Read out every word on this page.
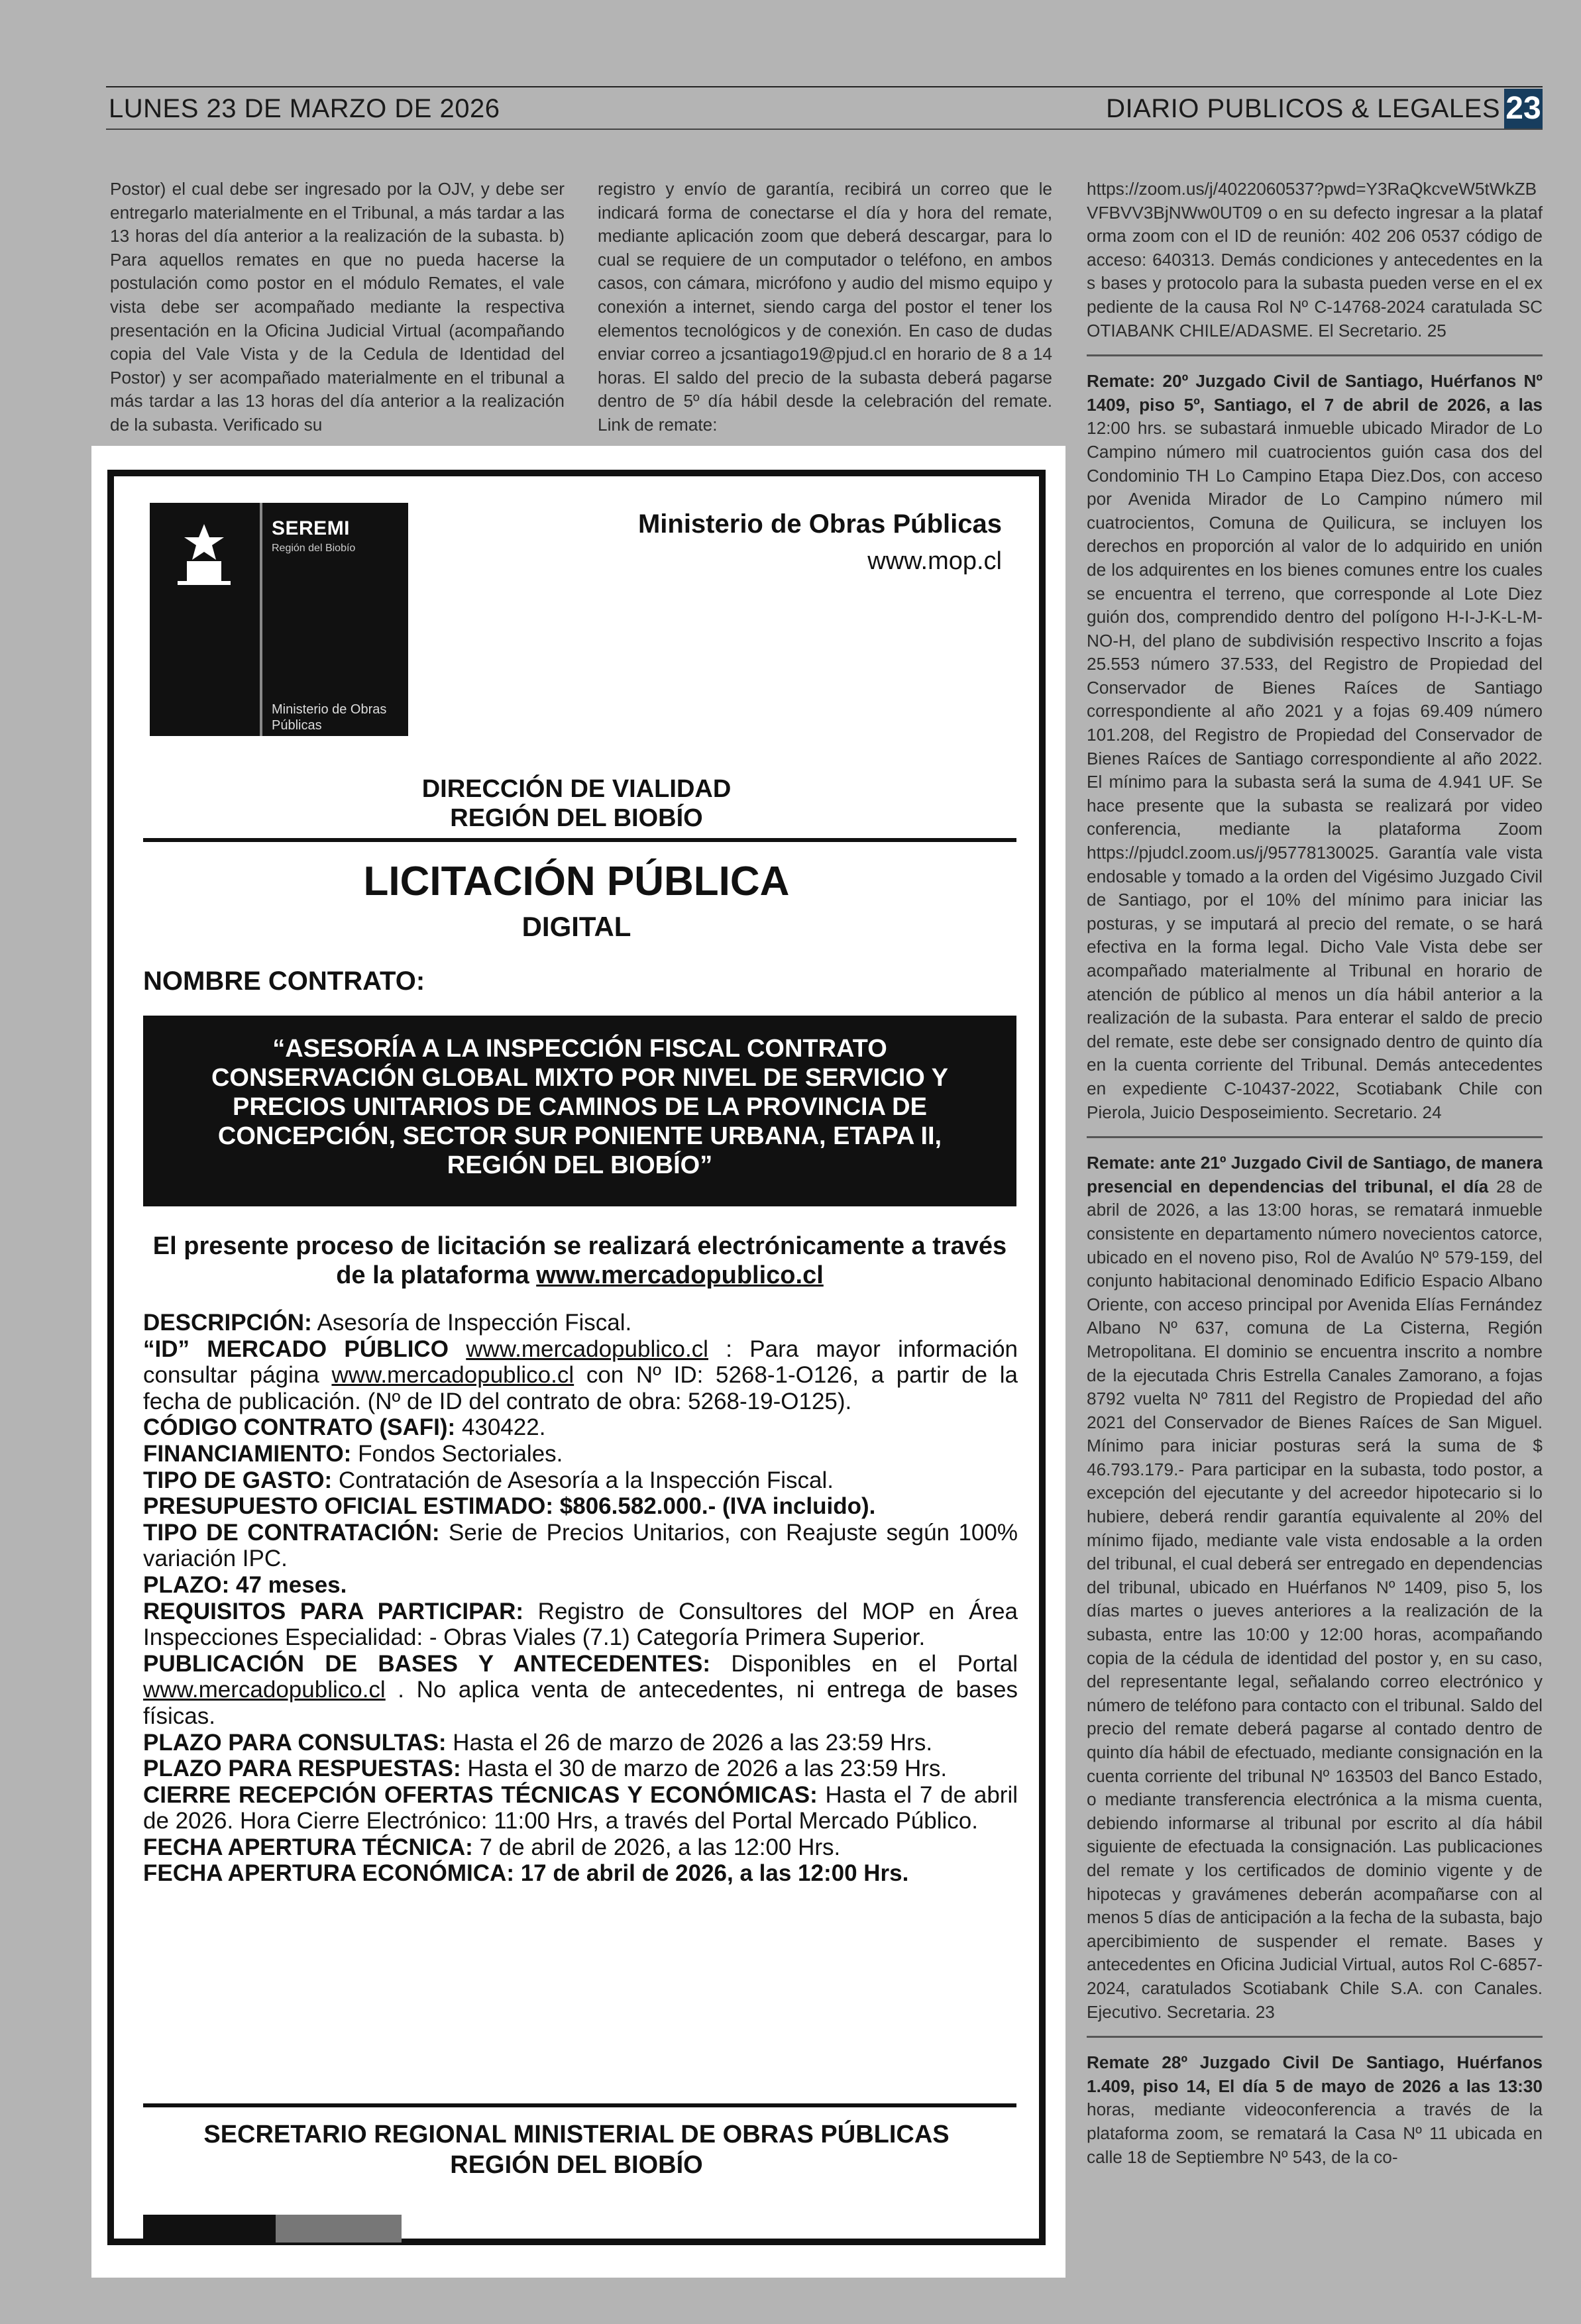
LUNES 23 DE MARZO DE 2026	DIARIO PUBLICOS & LEGALES 23

Postor) el cual debe ser ingresado por la OJV, y debe ser entregarlo materialmente en el Tribunal, a más tardar a las 13 horas del día anterior a la realización de la subasta. b) Para aquellos remates en que no pueda hacerse la postulación como postor en el módulo Remates, el vale vista debe ser acompañado mediante la respectiva presentación en la Oficina Judicial Virtual (acompañando copia del Vale Vista y de la Cedula de Identidad del Postor) y ser acompañado materialmente en el tribunal a más tardar a las 13 horas del día anterior a la realización de la subasta. Verificado su

registro y envío de garantía, recibirá un correo que le indicará forma de conectarse el día y hora del remate, mediante aplicación zoom que deberá descargar, para lo cual se requiere de un computador o teléfono, en ambos casos, con cámara, micrófono y audio del mismo equipo y conexión a internet, siendo carga del postor el tener los elementos tecnológicos y de conexión. En caso de dudas enviar correo a jcsantiago19@pjud.cl en horario de 8 a 14 horas. El saldo del precio de la subasta deberá pagarse dentro de 5º día hábil desde la celebración del remate. Link de remate:

https://zoom.us/j/4022060537?pwd=Y3RaQkcveW5tWkZBVFBVV3BjNWw0UT09 o en su defecto ingresar a la plataforma zoom con el ID de reunión: 402 206 0537 código de acceso: 640313. Demás condiciones y antecedentes en las bases y protocolo para la subasta pueden verse en el expediente de la causa Rol Nº C-14768-2024 caratulada SCOTIABANK CHILE/ADASME. El Secretario. 25

Remate: 20º Juzgado Civil de Santiago, Huérfanos Nº 1409, piso 5º, Santiago, el 7 de abril de 2026, a las 12:00 hrs. se subastará inmueble ubicado Mirador de Lo Campino número mil cuatrocientos guión casa dos del Condominio TH Lo Campino Etapa Diez.Dos, con acceso por Avenida Mirador de Lo Campino número mil cuatrocientos, Comuna de Quilicura, se incluyen los derechos en proporción al valor de lo adquirido en unión de los adquirentes en los bienes comunes entre los cuales se encuentra el terreno, que corresponde al Lote Diez guión dos, comprendido dentro del polígono H-I-J-K-L-M-NO-H, del plano de subdivisión respectivo Inscrito a fojas 25.553 número 37.533, del Registro de Propiedad del Conservador de Bienes Raíces de Santiago correspondiente al año 2021 y a fojas 69.409 número 101.208, del Registro de Propiedad del Conservador de Bienes Raíces de Santiago correspondiente al año 2022. El mínimo para la subasta será la suma de 4.941 UF. Se hace presente que la subasta se realizará por video conferencia, mediante la plataforma Zoom https://pjudcl.zoom.us/j/95778130025. Garantía vale vista endosable y tomado a la orden del Vigésimo Juzgado Civil de Santiago, por el 10% del mínimo para iniciar las posturas, y se imputará al precio del remate, o se hará efectiva en la forma legal. Dicho Vale Vista debe ser acompañado materialmente al Tribunal en horario de atención de público al menos un día hábil anterior a la realización de la subasta. Para enterar el saldo de precio del remate, este debe ser consignado dentro de quinto día en la cuenta corriente del Tribunal. Demás antecedentes en expediente C-10437-2022, Scotiabank Chile con Pierola, Juicio Desposeimiento. Secretario. 24

Remate: ante 21º Juzgado Civil de Santiago, de manera presencial en dependencias del tribunal, el día 28 de abril de 2026, a las 13:00 horas, se rematará inmueble consistente en departamento número novecientos catorce, ubicado en el noveno piso, Rol de Avalúo Nº 579-159, del conjunto habitacional denominado Edificio Espacio Albano Oriente, con acceso principal por Avenida Elías Fernández Albano Nº 637, comuna de La Cisterna, Región Metropolitana. El dominio se encuentra inscrito a nombre de la ejecutada Chris Estrella Canales Zamorano, a fojas 8792 vuelta Nº 7811 del Registro de Propiedad del año 2021 del Conservador de Bienes Raíces de San Miguel. Mínimo para iniciar posturas será la suma de $ 46.793.179.- Para participar en la subasta, todo postor, a excepción del ejecutante y del acreedor hipotecario si lo hubiere, deberá rendir garantía equivalente al 20% del mínimo fijado, mediante vale vista endosable a la orden del tribunal, el cual deberá ser entregado en dependencias del tribunal, ubicado en Huérfanos Nº 1409, piso 5, los días martes o jueves anteriores a la realización de la subasta, entre las 10:00 y 12:00 horas, acompañando copia de la cédula de identidad del postor y, en su caso, del representante legal, señalando correo electrónico y número de teléfono para contacto con el tribunal. Saldo del precio del remate deberá pagarse al contado dentro de quinto día hábil de efectuado, mediante consignación en la cuenta corriente del tribunal Nº 163503 del Banco Estado, o mediante transferencia electrónica a la misma cuenta, debiendo informarse al tribunal por escrito al día hábil siguiente de efectuada la consignación. Las publicaciones del remate y los certificados de dominio vigente y de hipotecas y gravámenes deberán acompañarse con al menos 5 días de anticipación a la fecha de la subasta, bajo apercibimiento de suspender el remate. Bases y antecedentes en Oficina Judicial Virtual, autos Rol C-6857-2024, caratulados Scotiabank Chile S.A. con Canales. Ejecutivo. Secretaria. 23

Remate 28º Juzgado Civil De Santiago, Huérfanos 1.409, piso 14, El día 5 de mayo de 2026 a las 13:30 horas, mediante videoconferencia a través de la plataforma zoom, se rematará la Casa Nº 11 ubicada en calle 18 de Septiembre Nº 543, de la co-

SEREMI
Región del Biobío
Ministerio de Obras Públicas
Ministerio de Obras Públicas
www.mop.cl
DIRECCIÓN DE VIALIDAD
REGIÓN DEL BIOBÍO
LICITACIÓN PÚBLICA
DIGITAL
NOMBRE CONTRATO:
“ASESORÍA A LA INSPECCIÓN FISCAL CONTRATO CONSERVACIÓN GLOBAL MIXTO POR NIVEL DE SERVICIO Y PRECIOS UNITARIOS DE CAMINOS DE LA PROVINCIA DE CONCEPCIÓN, SECTOR SUR PONIENTE URBANA, ETAPA II, REGIÓN DEL BIOBÍO”
El presente proceso de licitación se realizará electrónicamente a través de la plataforma www.mercadopublico.cl
DESCRIPCIÓN: Asesoría de Inspección Fiscal.
“ID” MERCADO PÚBLICO www.mercadopublico.cl : Para mayor información consultar página www.mercadopublico.cl con Nº ID: 5268-1-O126, a partir de la fecha de publicación. (Nº de ID del contrato de obra: 5268-19-O125).
CÓDIGO CONTRATO (SAFI): 430422.
FINANCIAMIENTO: Fondos Sectoriales.
TIPO DE GASTO: Contratación de Asesoría a la Inspección Fiscal.
PRESUPUESTO OFICIAL ESTIMADO: $806.582.000.- (IVA incluido).
TIPO DE CONTRATACIÓN: Serie de Precios Unitarios, con Reajuste según 100% variación IPC.
PLAZO: 47 meses.
REQUISITOS PARA PARTICIPAR: Registro de Consultores del MOP en Área Inspecciones Especialidad: - Obras Viales (7.1) Categoría Primera Superior.
PUBLICACIÓN DE BASES Y ANTECEDENTES: Disponibles en el Portal www.mercadopublico.cl . No aplica venta de antecedentes, ni entrega de bases físicas.
PLAZO PARA CONSULTAS: Hasta el 26 de marzo de 2026 a las 23:59 Hrs.
PLAZO PARA RESPUESTAS: Hasta el 30 de marzo de 2026 a las 23:59 Hrs.
CIERRE RECEPCIÓN OFERTAS TÉCNICAS Y ECONÓMICAS: Hasta el 7 de abril de 2026. Hora Cierre Electrónico: 11:00 Hrs, a través del Portal Mercado Público.
FECHA APERTURA TÉCNICA: 7 de abril de 2026, a las 12:00 Hrs.
FECHA APERTURA ECONÓMICA: 17 de abril de 2026, a las 12:00 Hrs.
SECRETARIO REGIONAL MINISTERIAL DE OBRAS PÚBLICAS
REGIÓN DEL BIOBÍO
